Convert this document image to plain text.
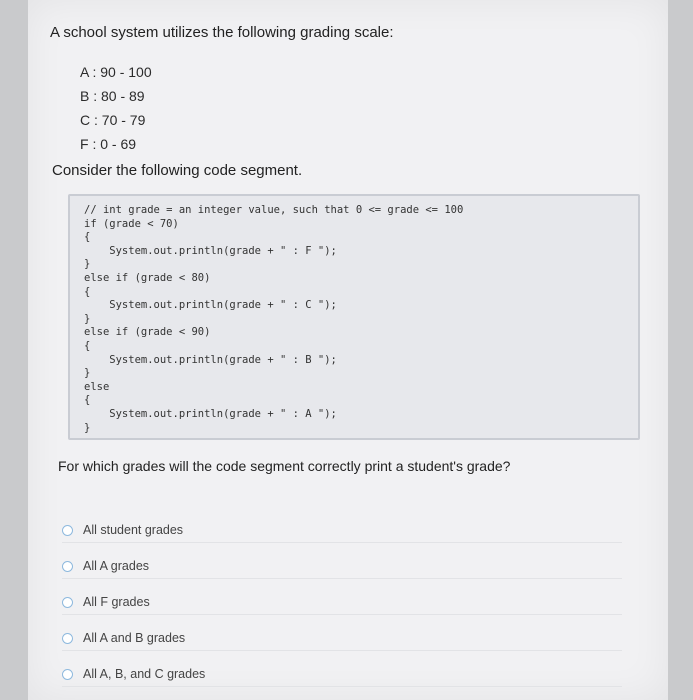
A school system utilizes the following grading scale:
A : 90 - 100
B : 80 - 89
C : 70 - 79
F : 0 - 69
Consider the following code segment.
// int grade = an integer value, such that 0 <= grade <= 100
if (grade < 70)
{
System.out.println(grade + " : F ");
}
else if (grade < 80)
{
System.out.println(grade + " : C ");
}
else if (grade < 90)
{
System.out.println(grade + " : B ");
}
else
{
System.out.println(grade + " : A ");
}
For which grades will the code segment correctly print a student's grade?
All student grades
All A grades
All F grades
All A and B grades
All A, B, and C grades
